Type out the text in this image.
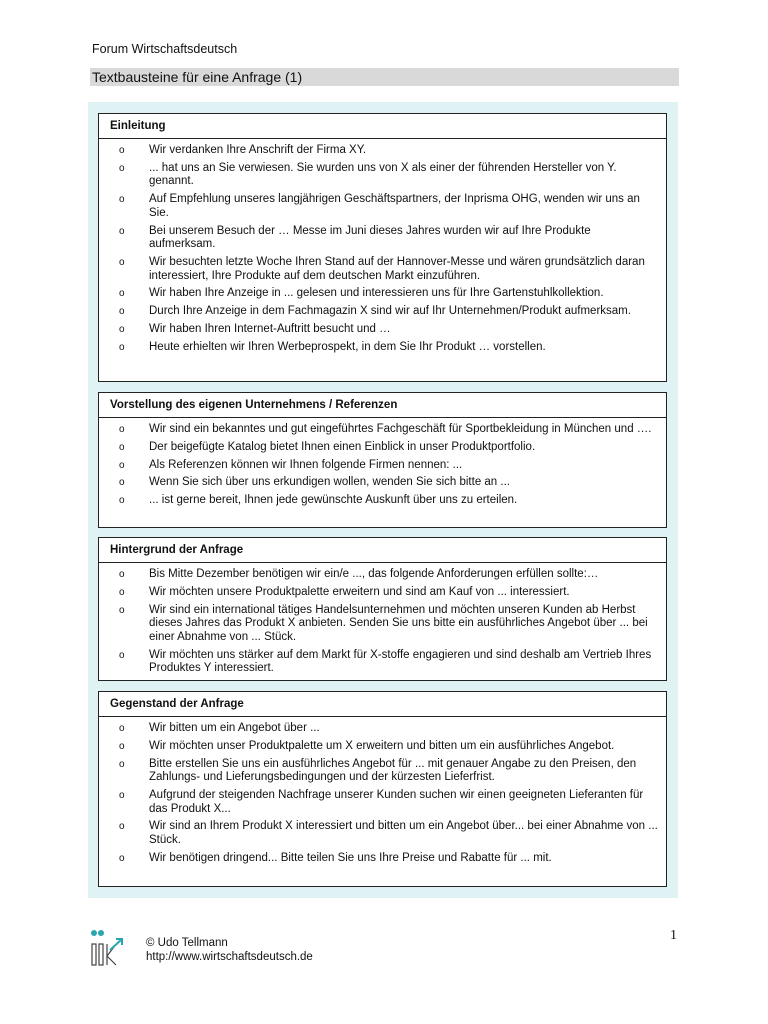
Forum Wirtschaftsdeutsch
Textbausteine für eine Anfrage (1)
Einleitung
o Wir verdanken Ihre Anschrift der Firma XY.
o ... hat uns an Sie verwiesen. Sie wurden uns von X als einer der führenden Hersteller von Y. genannt.
o Auf Empfehlung unseres langjährigen Geschäftspartners, der Inprisma OHG, wenden wir uns an Sie.
o Bei unserem Besuch der … Messe im Juni dieses Jahres wurden wir auf Ihre Produkte aufmerksam.
o Wir besuchten letzte Woche Ihren Stand auf der Hannover-Messe und wären grundsätzlich daran interessiert, Ihre Produkte auf dem deutschen Markt einzuführen.
o Wir haben Ihre Anzeige in ... gelesen und interessieren uns für Ihre Gartenstuhlkollektion.
o Durch Ihre Anzeige in dem Fachmagazin X sind wir auf Ihr Unternehmen/Produkt aufmerksam.
o Wir haben Ihren Internet-Auftritt besucht und …
o Heute erhielten wir Ihren Werbeprospekt, in dem Sie Ihr Produkt … vorstellen.
Vorstellung des eigenen Unternehmens / Referenzen
o Wir sind ein bekanntes und gut eingeführtes Fachgeschäft für Sportbekleidung in München und ….
o Der beigefügte Katalog bietet Ihnen einen Einblick in unser Produktportfolio.
o Als Referenzen können wir Ihnen folgende Firmen nennen: ...
o Wenn Sie sich über uns erkundigen wollen, wenden Sie sich bitte an ...
o ... ist gerne bereit, Ihnen jede gewünschte Auskunft über uns zu erteilen.
Hintergrund der Anfrage
o Bis Mitte Dezember benötigen wir ein/e ..., das folgende Anforderungen erfüllen sollte:…
o Wir möchten unsere Produktpalette erweitern und sind am Kauf von ... interessiert.
o Wir sind ein international tätiges Handelsunternehmen und möchten unseren Kunden ab Herbst dieses Jahres das Produkt X anbieten. Senden Sie uns bitte ein ausführliches Angebot über ... bei einer Abnahme von ... Stück.
o Wir möchten uns stärker auf dem Markt für X-stoffe engagieren und sind deshalb am Vertrieb Ihres Produktes Y interessiert.
Gegenstand der Anfrage
o Wir bitten um ein Angebot über ...
o Wir möchten unser Produktpalette um X erweitern und bitten um ein ausführliches Angebot.
o Bitte erstellen Sie uns ein ausführliches Angebot für ... mit genauer Angabe zu den Preisen, den Zahlungs- und Lieferungsbedingungen und der kürzesten Lieferfrist.
o Aufgrund der steigenden Nachfrage unserer Kunden suchen wir einen geeigneten Lieferanten für das Produkt X...
o Wir sind an Ihrem Produkt X interessiert und bitten um ein Angebot über... bei einer Abnahme von ... Stück.
o Wir benötigen dringend... Bitte teilen Sie uns Ihre Preise und Rabatte für ... mit.
© Udo Tellmann
http://www.wirtschaftsdeutsch.de
1
